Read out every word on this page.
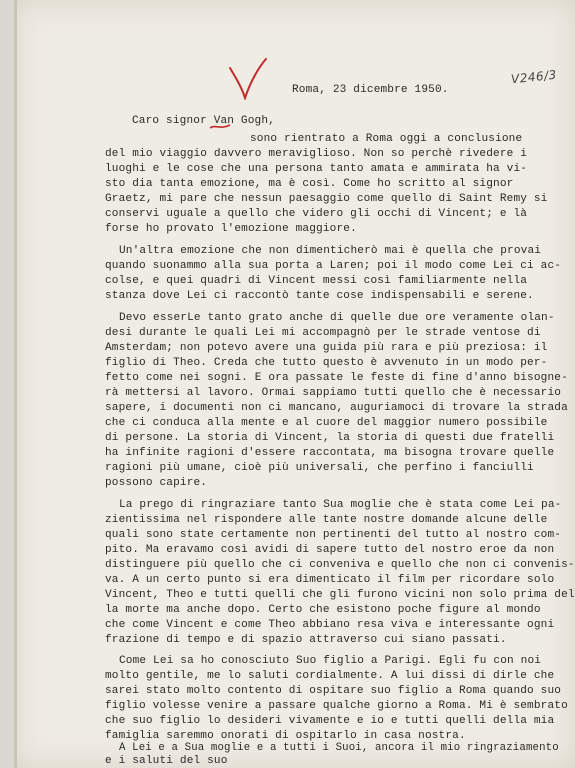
V246/3
Roma, 23 dicembre 1950.
Caro signor Van Gogh,
sono rientrato a Roma oggi a conclusione
del mio viaggio davvero meraviglioso. Non so perchè rivedere i
luoghi e le cose che una persona tanto amata e ammirata ha vi-
sto dia tanta emozione, ma è così. Come ho scritto al signor
Graetz, mi pare che nessun paesaggio come quello di Saint Remy si
conservi uguale a quello che videro gli occhi di Vincent; e là
forse ho provato l'emozione maggiore.
Un'altra emozione che non dimenticherò mai è quella che provai
quando suonammo alla sua porta a Laren; poi il modo come Lei ci ac-
colse, e quei quadri di Vincent messi così familiarmente nella
stanza dove Lei ci raccontò tante cose indispensabili e serene.
Devo esserLe tanto grato anche di quelle due ore veramente olan-
desi durante le quali Lei mi accompagnò per le strade ventose di
Amsterdam; non potevo avere una guida più rara e più preziosa: il
figlio di Theo. Creda che tutto questo è avvenuto in un modo per-
fetto come nei sogni. E ora passate le feste di fine d'anno bisogne-
rà mettersi al lavoro. Ormai sappiamo tutti quello che è necessario
sapere, i documenti non ci mancano, auguriamoci di trovare la strada
che ci conduca alla mente e al cuore del maggior numero possibile
di persone. La storia di Vincent, la storia di questi due fratelli
ha infinite ragioni d'essere raccontata, ma bisogna trovare quelle
ragioni più umane, cioè più universali, che perfino i fanciulli
possono capire.
La prego di ringraziare tanto Sua moglie che è stata come Lei pa-
zientissima nel rispondere alle tante nostre domande alcune delle
quali sono state certamente non pertinenti del tutto al nostro com-
pito. Ma eravamo così avidi di sapere tutto del nostro eroe da non
distinguere più quello che ci conveniva e quello che non ci convenis-
va. A un certo punto si era dimenticato il film per ricordare solo
Vincent, Theo e tutti quelli che gli furono vicini non solo prima del
la morte ma anche dopo. Certo che esistono poche figure al mondo
che come Vincent e come Theo abbiano resa viva e interessante ogni
frazione di tempo e di spazio attraverso cui siano passati.
Come Lei sa ho conosciuto Suo figlio a Parigi. Egli fu con noi
molto gentile, me lo saluti cordialmente. A lui dissi di dirle che
sarei stato molto contento di ospitare suo figlio a Roma quando suo
figlio volesse venire a passare qualche giorno a Roma. Mi è sembrato
che suo figlio lo desideri vivamente e io e tutti quelli della mia
famiglia saremmo onorati di ospitarlo in casa nostra.
A Lei e a Sua moglie e a tutti i Suoi, ancora il mio ringraziamento
e i saluti del suo
